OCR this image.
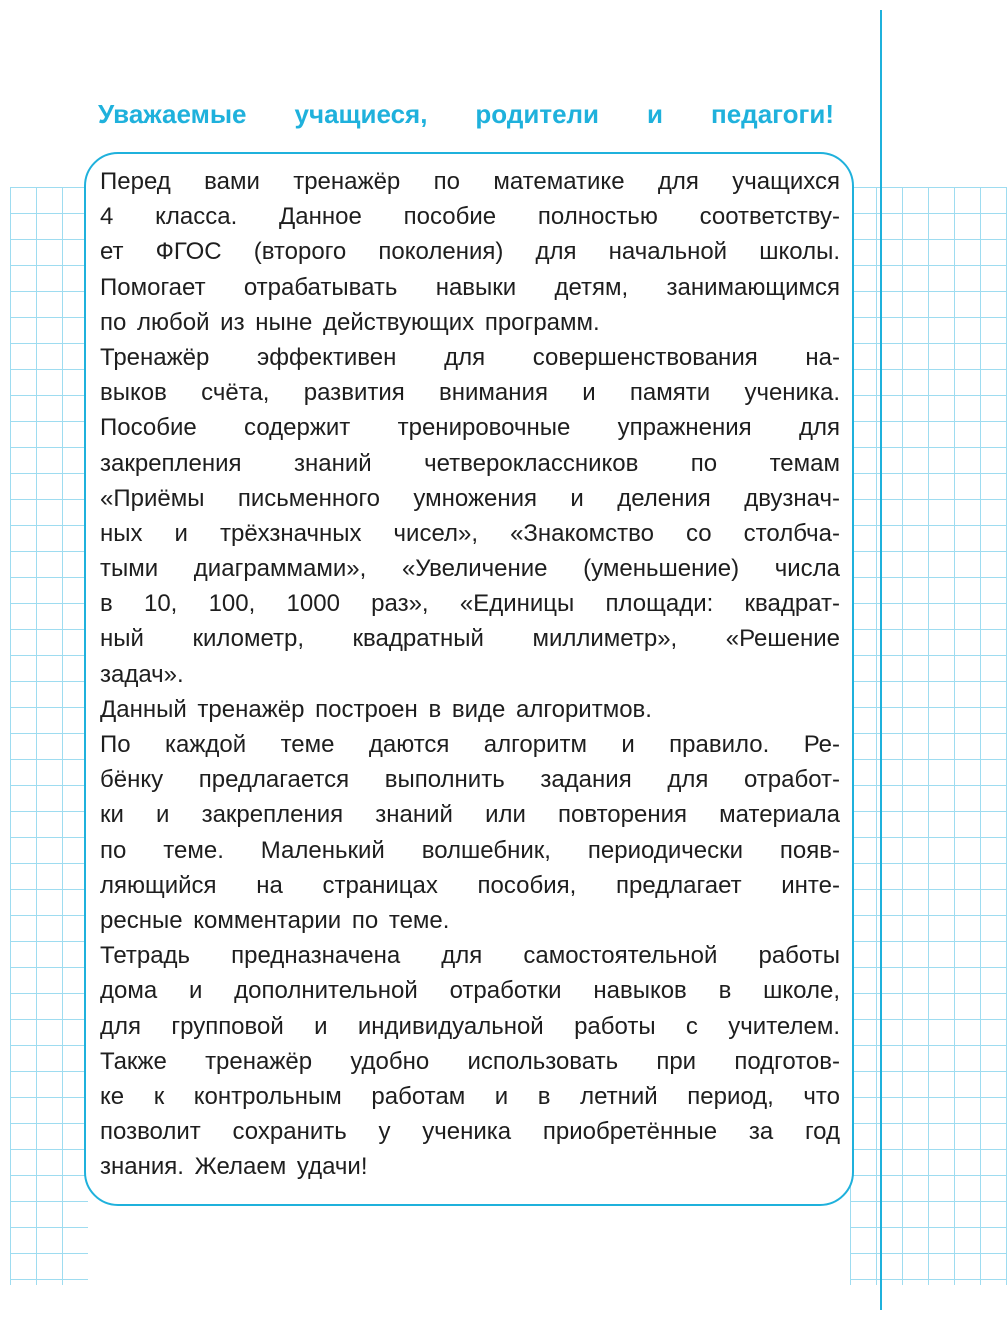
Уважаемые учащиеся, родители и педагоги!
Перед вами тренажёр по математике для учащихся
4 класса. Данное пособие полностью соответству-
ет ФГОС (второго поколения) для начальной школы.
Помогает отрабатывать навыки детям, занимающимся
по любой из ныне действующих программ.
Тренажёр эффективен для совершенствования на-
выков счёта, развития внимания и памяти ученика.
Пособие содержит тренировочные упражнения для
закрепления знаний четвероклассников по темам
«Приёмы письменного умножения и деления двузнач-
ных и трёхзначных чисел», «Знакомство со столбча-
тыми диаграммами», «Увеличение (уменьшение) числа
в 10, 100, 1000 раз», «Единицы площади: квадрат-
ный километр, квадратный миллиметр», «Решение
задач».
Данный тренажёр построен в виде алгоритмов.
По каждой теме даются алгоритм и правило. Ре-
бёнку предлагается выполнить задания для отработ-
ки и закрепления знаний или повторения материала
по теме. Маленький волшебник, периодически появ-
ляющийся на страницах пособия, предлагает инте-
ресные комментарии по теме.
Тетрадь предназначена для самостоятельной работы
дома и дополнительной отработки навыков в школе,
для групповой и индивидуальной работы с учителем.
Также тренажёр удобно использовать при подготов-
ке к контрольным работам и в летний период, что
позволит сохранить у ученика приобретённые за год
знания. Желаем удачи!
